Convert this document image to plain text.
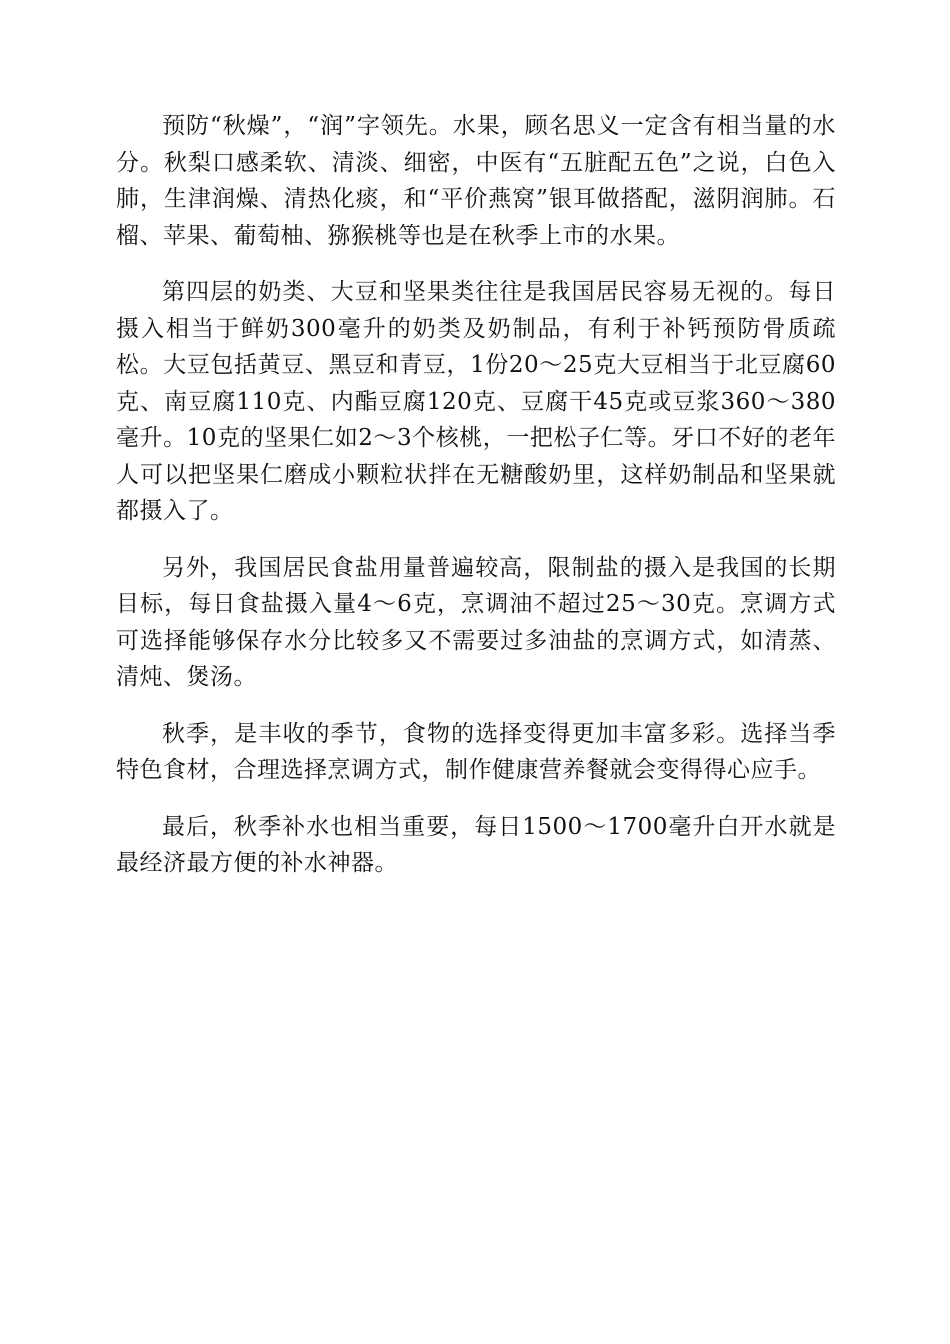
预防“秋燥”，“润”字领先。水果，顾名思义一定含有相当量的水分。秋梨口感柔软、清淡、细密，中医有“五脏配五色”之说，白色入肺，生津润燥、清热化痰，和“平价燕窝”银耳做搭配，滋阴润肺。石榴、苹果、葡萄柚、猕猴桃等也是在秋季上市的水果。

第四层的奶类、大豆和坚果类往往是我国居民容易无视的。每日摄入相当于鲜奶300毫升的奶类及奶制品，有利于补钙预防骨质疏松。大豆包括黄豆、黑豆和青豆，1份20～25克大豆相当于北豆腐60克、南豆腐110克、内酯豆腐120克、豆腐干45克或豆浆360～380毫升。10克的坚果仁如2～3个核桃，一把松子仁等。牙口不好的老年人可以把坚果仁磨成小颗粒状拌在无糖酸奶里，这样奶制品和坚果就都摄入了。

另外，我国居民食盐用量普遍较高，限制盐的摄入是我国的长期目标，每日食盐摄入量4～6克，烹调油不超过25～30克。烹调方式可选择能够保存水分比较多又不需要过多油盐的烹调方式，如清蒸、清炖、煲汤。

秋季，是丰收的季节，食物的选择变得更加丰富多彩。选择当季特色食材，合理选择烹调方式，制作健康营养餐就会变得得心应手。

最后，秋季补水也相当重要，每日1500～1700毫升白开水就是最经济最方便的补水神器。
